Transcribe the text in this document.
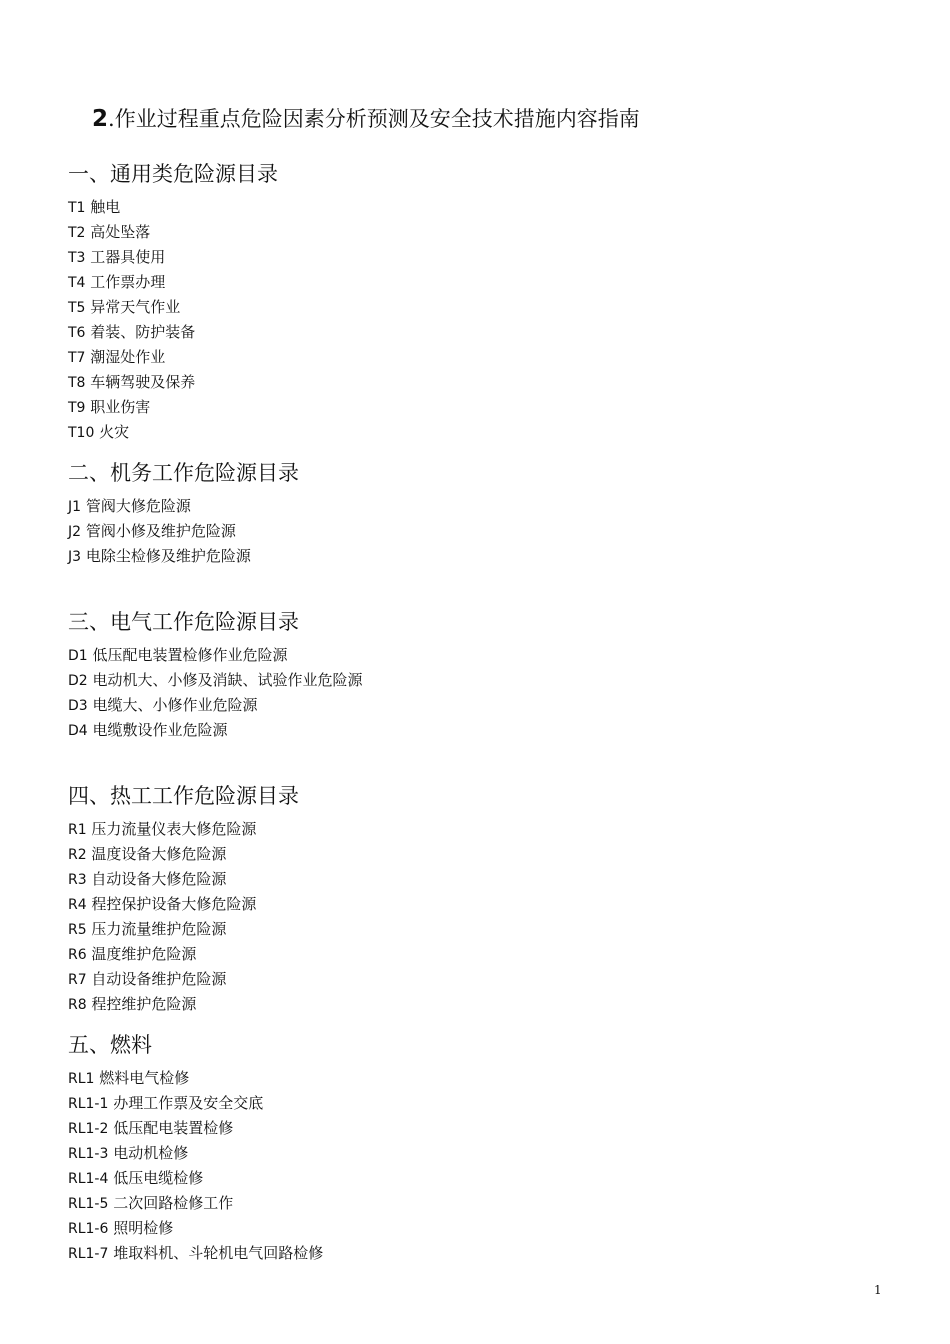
2.作业过程重点危险因素分析预测及安全技术措施内容指南
一、通用类危险源目录
T1 触电
T2 高处坠落
T3 工器具使用
T4 工作票办理
T5 异常天气作业
T6 着装、防护装备
T7 潮湿处作业
T8 车辆驾驶及保养
T9 职业伤害
T10 火灾
二、机务工作危险源目录
J1 管阀大修危险源
J2 管阀小修及维护危险源
J3 电除尘检修及维护危险源
三、电气工作危险源目录
D1 低压配电装置检修作业危险源
D2 电动机大、小修及消缺、试验作业危险源
D3 电缆大、小修作业危险源
D4 电缆敷设作业危险源
四、热工工作危险源目录
R1 压力流量仪表大修危险源
R2 温度设备大修危险源
R3 自动设备大修危险源
R4 程控保护设备大修危险源
R5 压力流量维护危险源
R6 温度维护危险源
R7 自动设备维护危险源
R8 程控维护危险源
五、燃料
RL1 燃料电气检修
RL1-1 办理工作票及安全交底
RL1-2 低压配电装置检修
RL1-3 电动机检修
RL1-4 低压电缆检修
RL1-5 二次回路检修工作
RL1-6 照明检修
RL1-7 堆取料机、斗轮机电气回路检修
1
